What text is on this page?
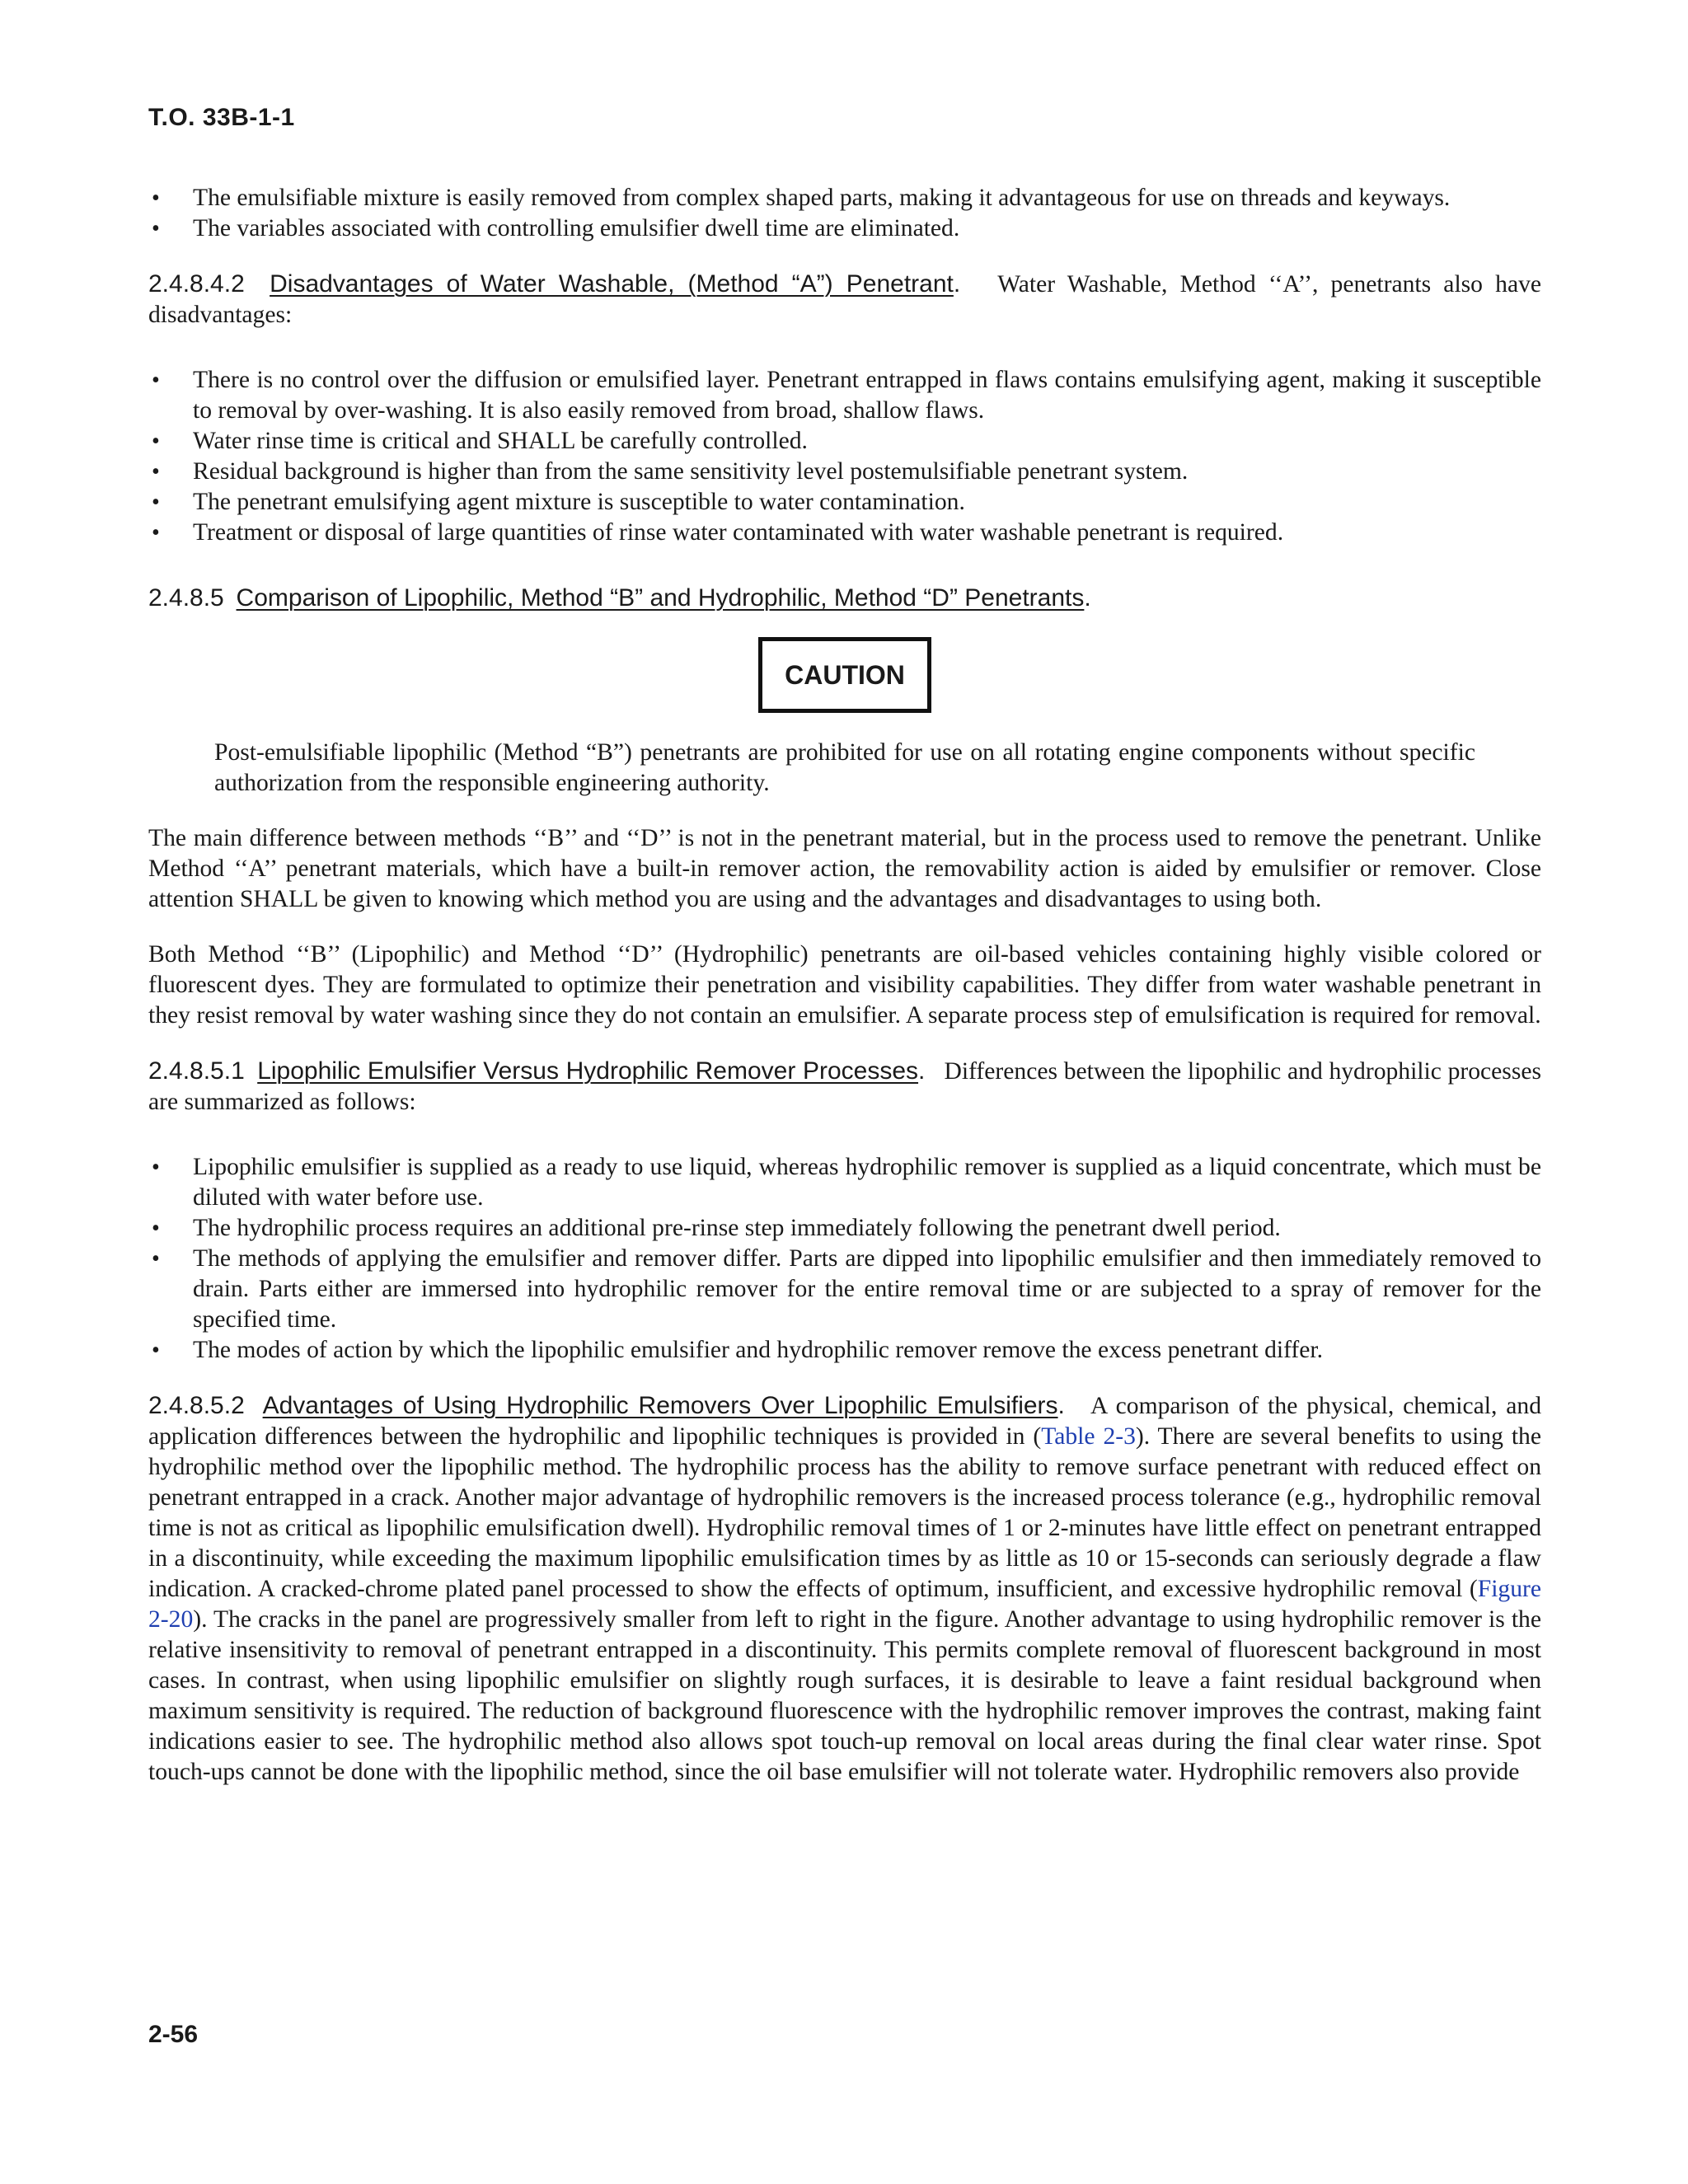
T.O. 33B-1-1
• The emulsifiable mixture is easily removed from complex shaped parts, making it advantageous for use on threads and keyways.
• The variables associated with controlling emulsifier dwell time are eliminated.

2.4.8.4.2 Disadvantages of Water Washable, (Method “A”) Penetrant. Water Washable, Method ‘‘A’’, penetrants also have disadvantages:

• There is no control over the diffusion or emulsified layer. Penetrant entrapped in flaws contains emulsifying agent, making it susceptible to removal by over-washing. It is also easily removed from broad, shallow flaws.
• Water rinse time is critical and SHALL be carefully controlled.
• Residual background is higher than from the same sensitivity level postemulsifiable penetrant system.
• The penetrant emulsifying agent mixture is susceptible to water contamination.
• Treatment or disposal of large quantities of rinse water contaminated with water washable penetrant is required.

2.4.8.5 Comparison of Lipophilic, Method “B” and Hydrophilic, Method “D” Penetrants.

CAUTION

Post-emulsifiable lipophilic (Method “B”) penetrants are prohibited for use on all rotating engine components without specific authorization from the responsible engineering authority.

The main difference between methods ‘‘B’’ and ‘‘D’’ is not in the penetrant material, but in the process used to remove the penetrant. Unlike Method ‘‘A’’ penetrant materials, which have a built-in remover action, the removability action is aided by emulsifier or remover. Close attention SHALL be given to knowing which method you are using and the advantages and disadvantages to using both.

Both Method ‘‘B’’ (Lipophilic) and Method ‘‘D’’ (Hydrophilic) penetrants are oil-based vehicles containing highly visible colored or fluorescent dyes. They are formulated to optimize their penetration and visibility capabilities. They differ from water washable penetrant in they resist removal by water washing since they do not contain an emulsifier. A separate process step of emulsification is required for removal.

2.4.8.5.1 Lipophilic Emulsifier Versus Hydrophilic Remover Processes. Differences between the lipophilic and hydrophilic processes are summarized as follows:

• Lipophilic emulsifier is supplied as a ready to use liquid, whereas hydrophilic remover is supplied as a liquid concentrate, which must be diluted with water before use.
• The hydrophilic process requires an additional pre-rinse step immediately following the penetrant dwell period.
• The methods of applying the emulsifier and remover differ. Parts are dipped into lipophilic emulsifier and then immediately removed to drain. Parts either are immersed into hydrophilic remover for the entire removal time or are subjected to a spray of remover for the specified time.
• The modes of action by which the lipophilic emulsifier and hydrophilic remover remove the excess penetrant differ.

2.4.8.5.2 Advantages of Using Hydrophilic Removers Over Lipophilic Emulsifiers. A comparison of the physical, chemical, and application differences between the hydrophilic and lipophilic techniques is provided in (Table 2-3). There are several benefits to using the hydrophilic method over the lipophilic method. The hydrophilic process has the ability to remove surface penetrant with reduced effect on penetrant entrapped in a crack. Another major advantage of hydrophilic removers is the increased process tolerance (e.g., hydrophilic removal time is not as critical as lipophilic emulsification dwell). Hydrophilic removal times of 1 or 2-minutes have little effect on penetrant entrapped in a discontinuity, while exceeding the maximum lipophilic emulsification times by as little as 10 or 15-seconds can seriously degrade a flaw indication. A cracked-chrome plated panel processed to show the effects of optimum, insufficient, and excessive hydrophilic removal (Figure 2-20). The cracks in the panel are progressively smaller from left to right in the figure. Another advantage to using hydrophilic remover is the relative insensitivity to removal of penetrant entrapped in a discontinuity. This permits complete removal of fluorescent background in most cases. In contrast, when using lipophilic emulsifier on slightly rough surfaces, it is desirable to leave a faint residual background when maximum sensitivity is required. The reduction of background fluorescence with the hydrophilic remover improves the contrast, making faint indications easier to see. The hydrophilic method also allows spot touch-up removal on local areas during the final clear water rinse. Spot touch-ups cannot be done with the lipophilic method, since the oil base emulsifier will not tolerate water. Hydrophilic removers also provide

2-56
